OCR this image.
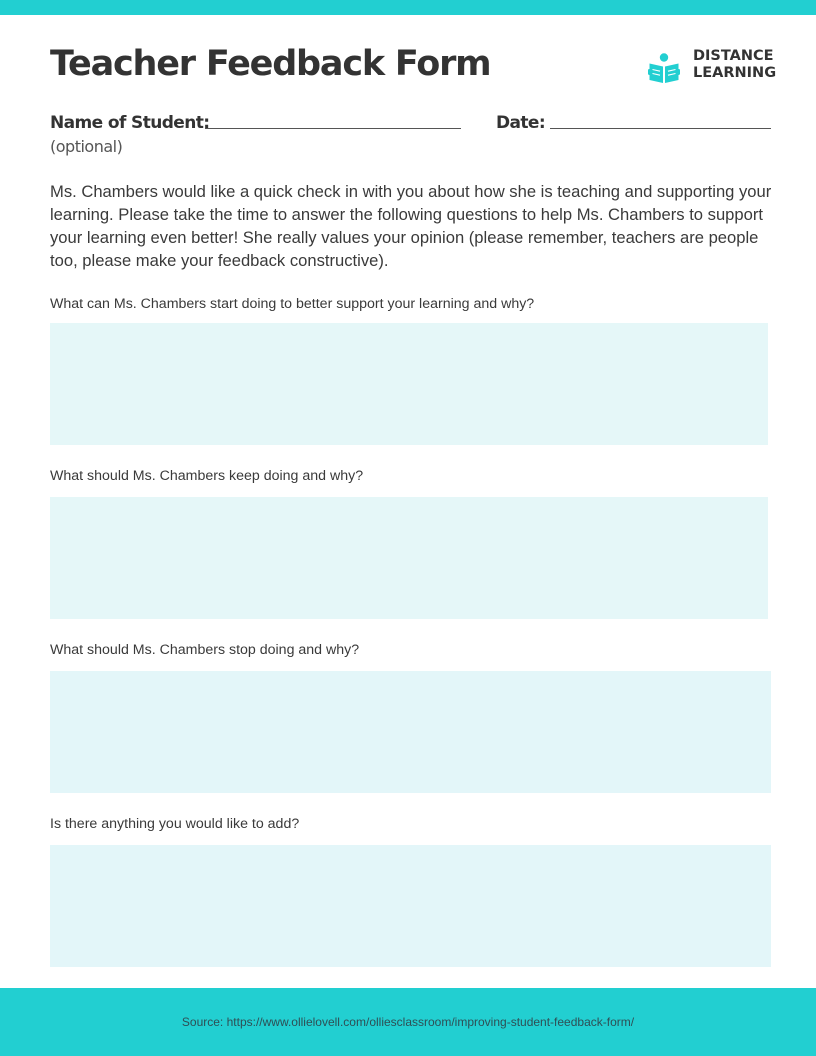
Teacher Feedback Form	DISTANCE
LEARNING
Name of Student:
(optional)
Date:

Ms. Chambers would like a quick check in with you about how she is teaching and supporting your learning. Please take the time to answer the following questions to help Ms. Chambers to support your learning even better! She really values your opinion (please remember, teachers are people too, please make your feedback constructive).

What can Ms. Chambers start doing to better support your learning and why?
What should Ms. Chambers keep doing and why?
What should Ms. Chambers stop doing and why?
Is there anything you would like to add?
Source: https://www.ollielovell.com/olliesclassroom/improving-student-feedback-form/
